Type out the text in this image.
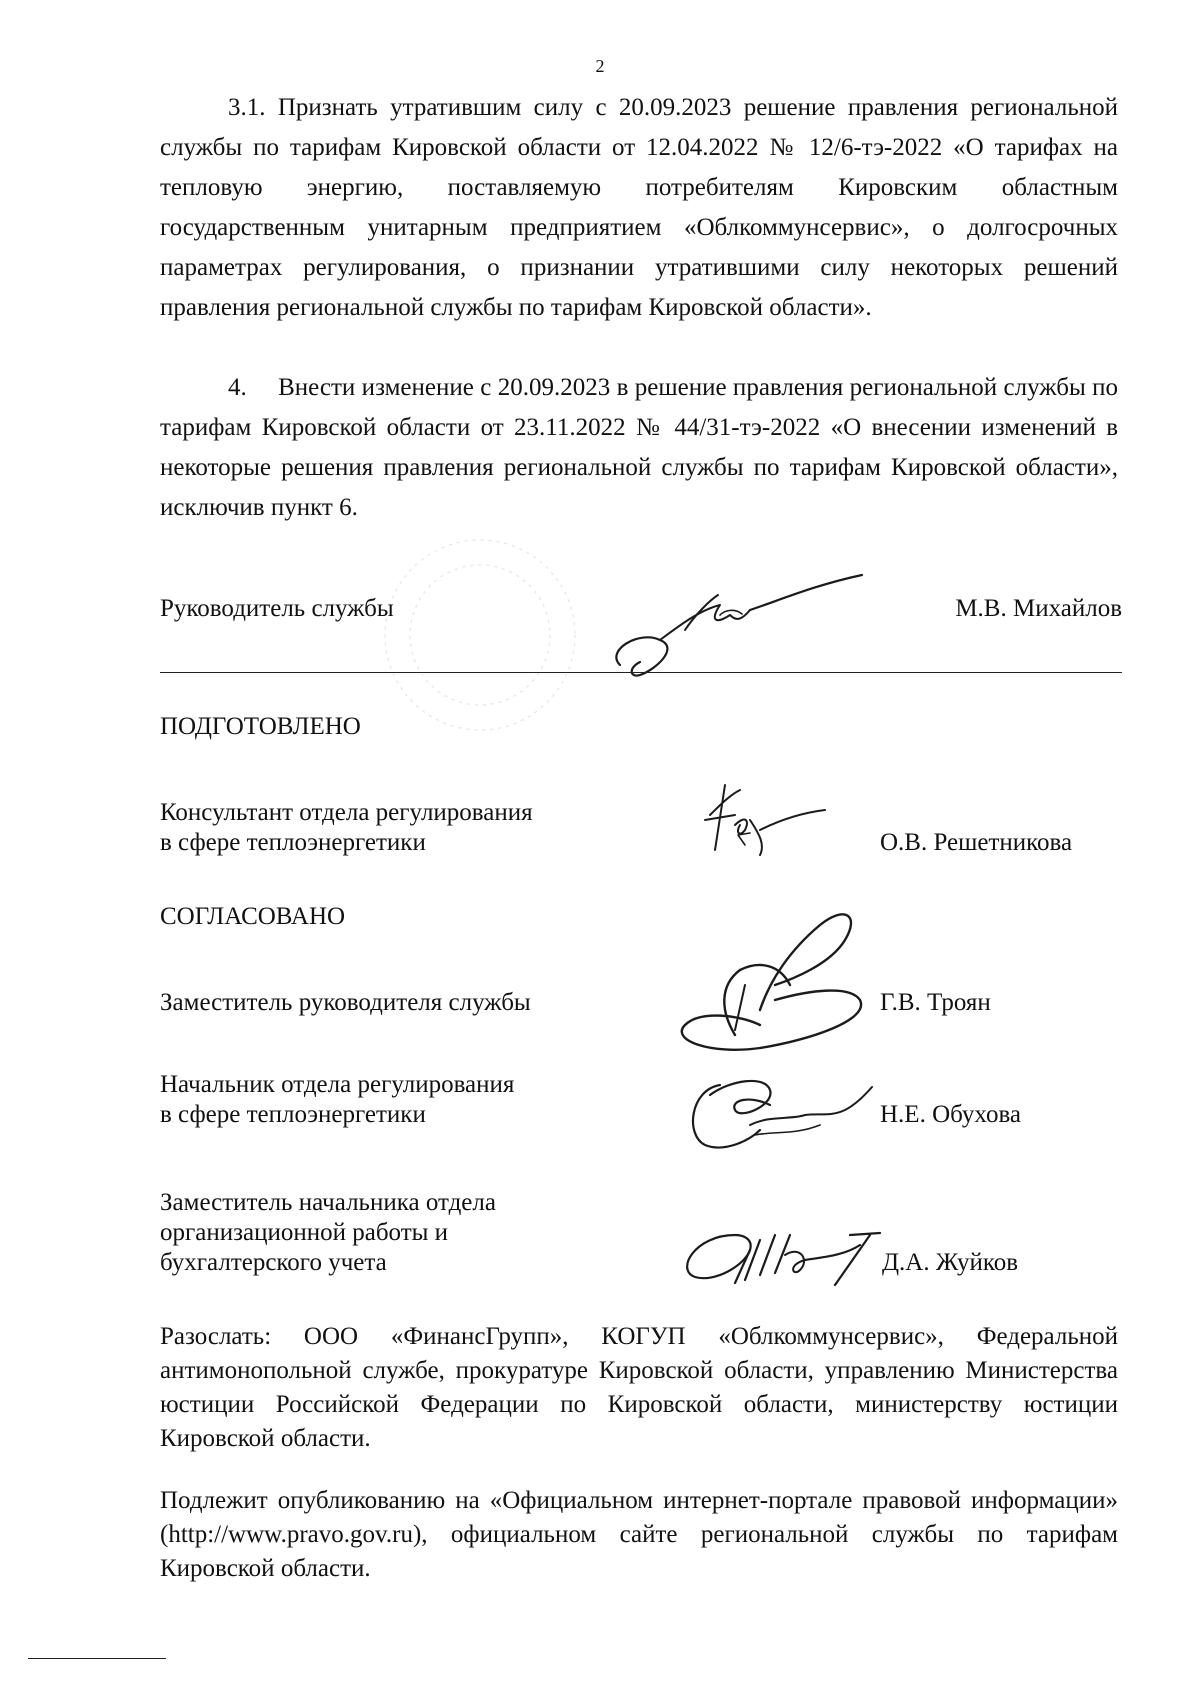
2

3.1. Признать утратившим силу с 20.09.2023 решение правления региональной службы по тарифам Кировской области от 12.04.2022 № 12/6-тэ-2022 «О тарифах на тепловую энергию, поставляемую потребителям Кировским областным государственным унитарным предприятием «Облкоммунсервис», о долгосрочных параметрах регулирования, о признании утратившими силу некоторых решений правления региональной службы по тарифам Кировской области».

4.  Внести изменение с 20.09.2023 в решение правления региональной службы по тарифам Кировской области от 23.11.2022 № 44/31-тэ-2022 «О внесении изменений в некоторые решения правления региональной службы по тарифам Кировской области», исключив пункт 6.

Руководитель службы	М.В. Михайлов
ПОДГОТОВЛЕНО
Консультант отдела регулирования
в сфере теплоэнергетики	О.В. Решетникова
СОГЛАСОВАНО
Заместитель руководителя службы	Г.В. Троян
Начальник отдела регулирования
в сфере теплоэнергетики	Н.Е. Обухова
Заместитель начальника отдела
организационной работы и
бухгалтерского учета	Д.А. Жуйков

Разослать: ООО «ФинансГрупп», КОГУП «Облкоммунсервис», Федеральной антимонопольной службе, прокуратуре Кировской области, управлению Министерства юстиции Российской Федерации по Кировской области, министерству юстиции Кировской области.

Подлежит опубликованию на «Официальном интернет-портале правовой информации» (http://www.pravo.gov.ru), официальном сайте региональной службы по тарифам Кировской области.
